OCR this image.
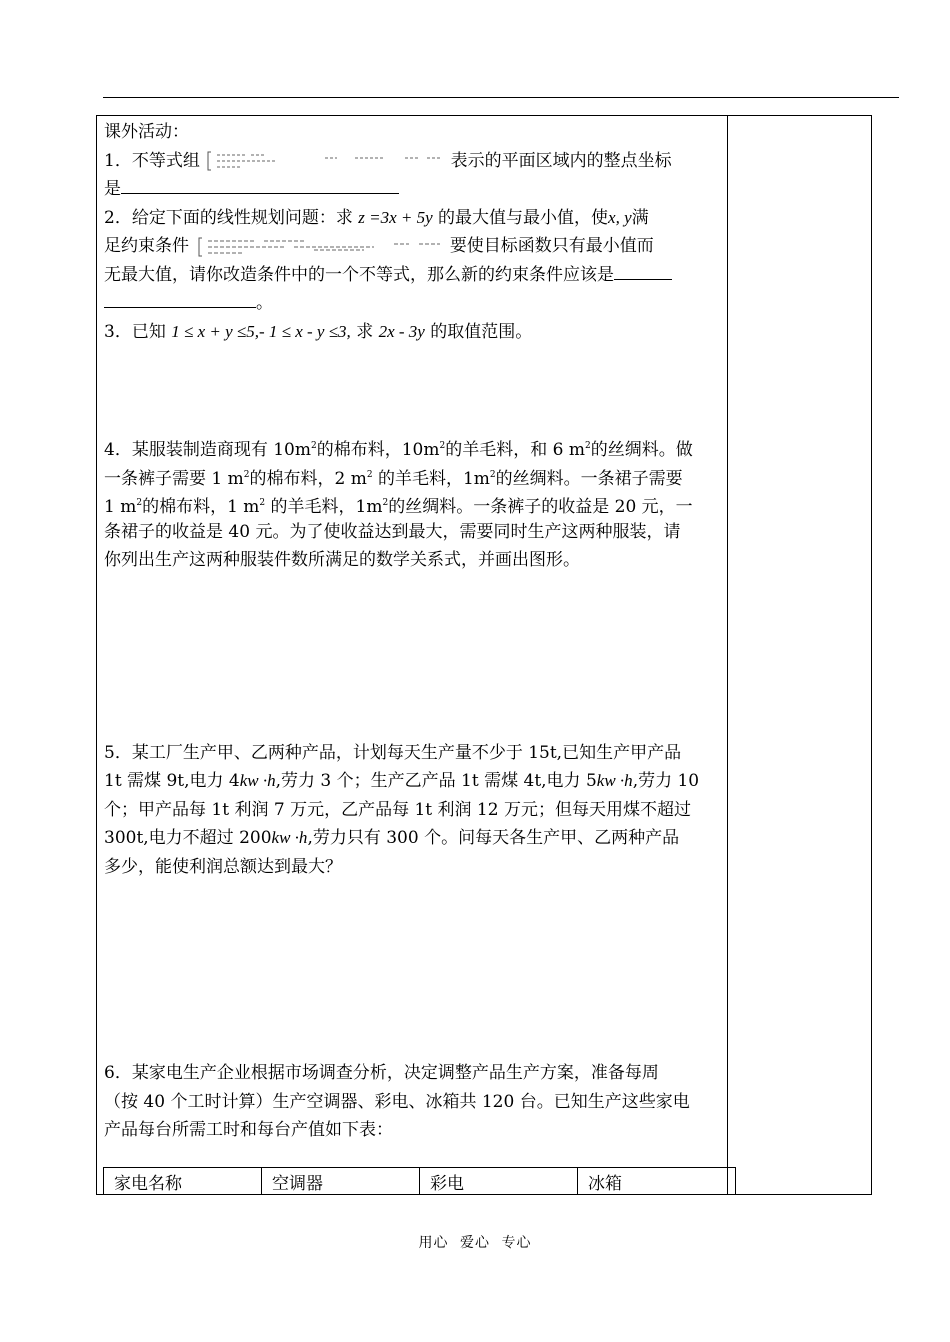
课外活动：
1．不等式组	表示的平面区域内的整点坐标
是
2．给定下面的线性规划问题：求 z =3x + 5y 的最大值与最小值，使x, y满
足约束条件	要使目标函数只有最小值而
无最大值，请你改造条件中的一个不等式，那么新的约束条件应该是
。
3．已知 1 ≤ x + y ≤5,- 1 ≤ x - y ≤3, 求 2x - 3y 的取值范围。
4．某服装制造商现有 $10m^2$的棉布料，$10m^2$的羊毛料，和 6 $m^2$的丝绸料。做
一条裤子需要 1 $m^2$的棉布料，2 $m^2$ 的羊毛料，$1m^2$的丝绸料。一条裙子需要
1 $m^2$的棉布料，1 $m^2$ 的羊毛料，$1m^2$的丝绸料。一条裤子的收益是 20 元，一
条裙子的收益是 40 元。为了使收益达到最大，需要同时生产这两种服装，请
你列出生产这两种服装件数所满足的数学关系式，并画出图形。
5．某工厂生产甲、乙两种产品，计划每天生产量不少于 15t,已知生产甲产品
1t 需煤 9t,电力 4kw ·h,劳力 3 个；生产乙产品 1t 需煤 4t,电力 5kw ·h,劳力 10
个；甲产品每 1t 利润 7 万元，乙产品每 1t 利润 12 万元；但每天用煤不超过
300t,电力不超过 200kw ·h,劳力只有 300 个。问每天各生产甲、乙两种产品
多少，能使利润总额达到最大？
6．某家电生产企业根据市场调查分析，决定调整产品生产方案，准备每周
（按 40 个工时计算）生产空调器、彩电、冰箱共 120 台。已知生产这些家电
产品每台所需工时和每台产值如下表：
家电名称	空调器	彩电	冰箱
用心 爱心 专心
